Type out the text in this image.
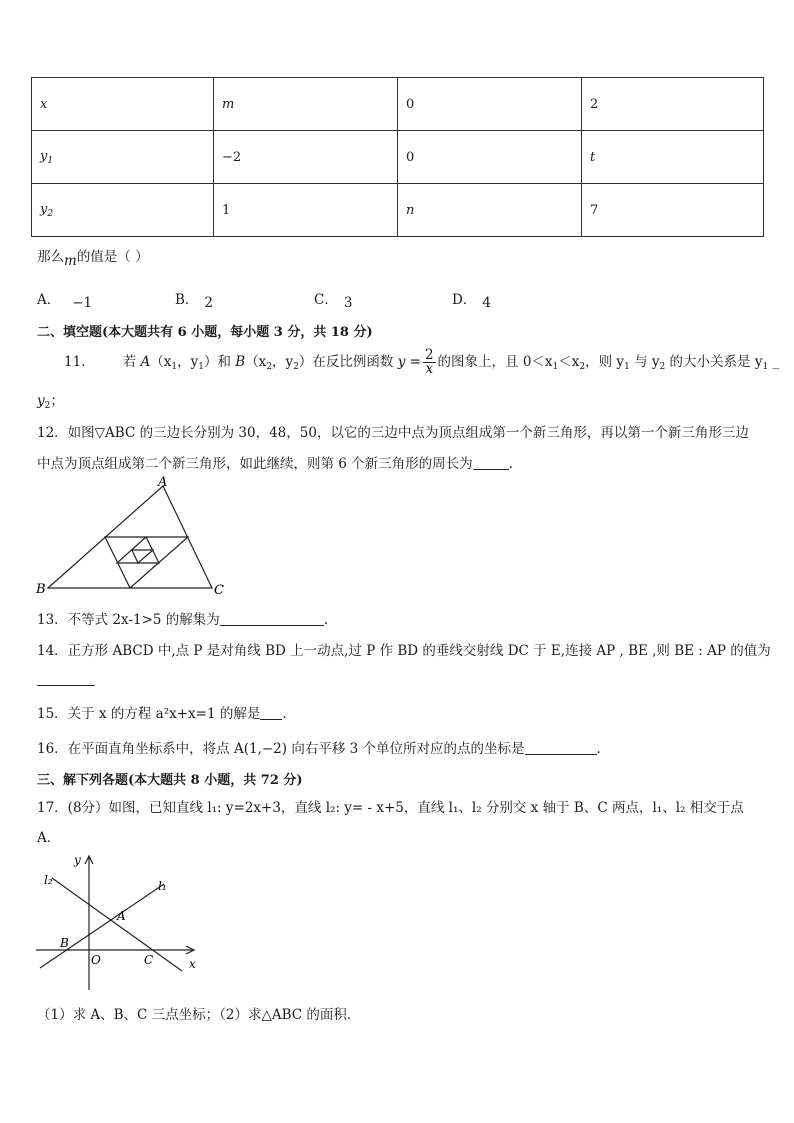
x	m	0	2
$y_1$	−2	0	t
$y_2$	1	n	7
那么m的值是（ ）
A． −1	B． 2	C． 3	D． 4
二、填空题(本大题共有 6 小题，每小题 3 分，共 18 分)
11． 若 $A(x_1$，$y_1$）和 $B(x_2$，$y_2$）在反比例函数 $y = \frac{2}{x}$ 的图象上，且 $0<x_1<x_2$，则 $y_1$ 与 $y_2$ 的大小关系是 $y_1$ _
$y_2$；
12．如图▽ABC 的三边长分别为 30，48，50，以它的三边中点为顶点组成第一个新三角形，再以第一个新三角形三边
中点为顶点组成第二个新三角形，如此继续，则第 6 个新三角形的周长为	.
A
B	C
13．不等式 2x-1>5 的解集为	.
14．正方形 ABCD 中,点 P 是对角线 BD 上一动点,过 P 作 BD 的垂线交射线 DC 于 E,连接 AP , BE ,则 BE : AP 的值为
15．关于 x 的方程 a²x+x=1 的解是 .
16．在平面直角坐标系中，将点 A(1,−2) 向右平移 3 个单位所对应的点的坐标是	.
三、解下列各题(本大题共 8 小题，共 72 分)
17．(8分）如图，已知直线 l₁: y=2x+3，直线 l₂: y= - x+5，直线 l₁、l₂ 分别交 x 轴于 B、C 两点，l₁、l₂ 相交于点
A．
y
x
O
A
B
C
l₁
l₂
（1）求 A、B、C 三点坐标；（2）求△ABC 的面积．
